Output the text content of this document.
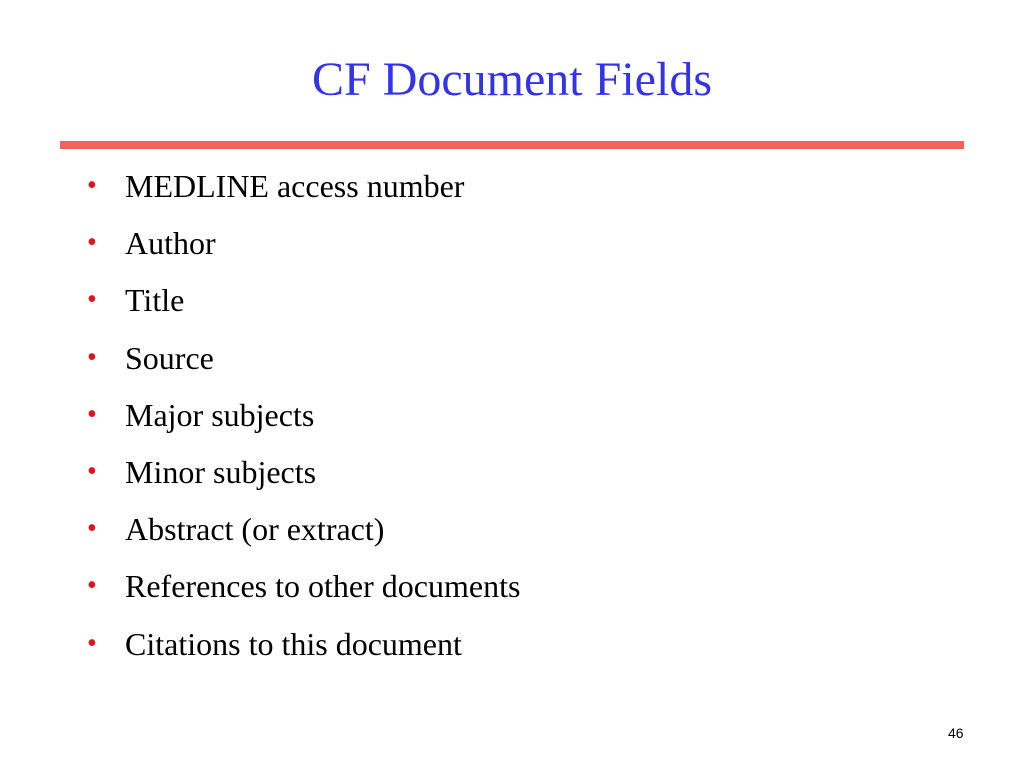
CF Document Fields
• MEDLINE access number
• Author
• Title
• Source
• Major subjects
• Minor subjects
• Abstract (or extract)
• References to other documents
• Citations to this document
46
